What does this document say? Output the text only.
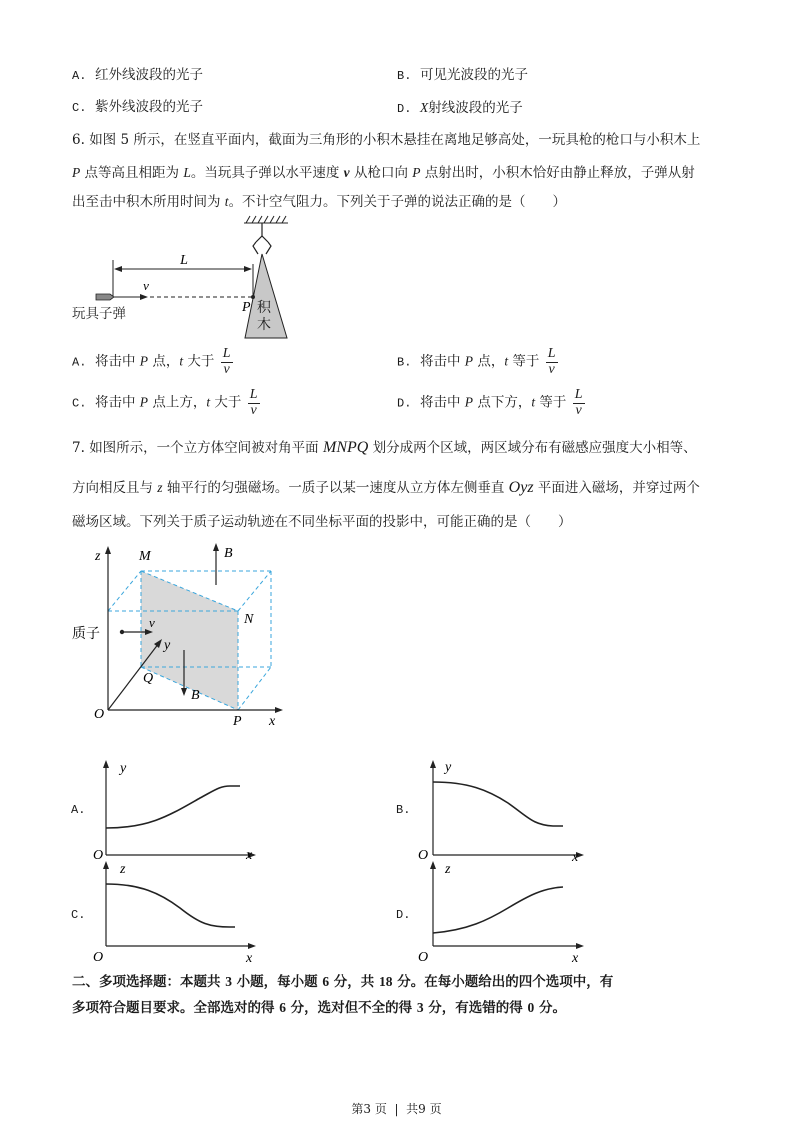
A. 红外线波段的光子	B. 可见光波段的光子
C. 紫外线波段的光子	D. X射线波段的光子
6. 如图 5 所示，在竖直平面内，截面为三角形的小积木悬挂在离地足够高处，一玩具枪的枪口与小积木上
P 点等高且相距为 L。当玩具子弹以水平速度 v 从枪口向 P 点射出时，小积木恰好由静止释放，子弹从射
出至击中积木所用时间为 t。不计空气阻力。下列关于子弹的说法正确的是（　　）
积
木
L
v
P
玩具子弹
A. 将击中 P 点，t 大于 $\frac{L}{v}$	B. 将击中 P 点，t 等于 $\frac{L}{v}$
C. 将击中 P 点上方，t 大于 $\frac{L}{v}$	D. 将击中 P 点下方，t 等于 $\frac{L}{v}$
7. 如图所示，一个立方体空间被对角平面 MNPQ 划分成两个区域，两区域分布有磁感应强度大小相等、
方向相反且与 z 轴平行的匀强磁场。一质子以某一速度从立方体左侧垂直 Oyz 平面进入磁场，并穿过两个
磁场区域。下列关于质子运动轨迹在不同坐标平面的投影中，可能正确的是（　　）
z	M	B
N
质子
v
y
Q
B
O	P x
A.
y
O	x
B.
y
O	x
C.
z
O	x
D.
z
O	x
二、多项选择题：本题共 3 小题，每小题 6 分，共 18 分。在每小题给出的四个选项中，有
多项符合题目要求。全部选对的得 6 分，选对但不全的得 3 分，有选错的得 0 分。
第3 页 | 共9 页
